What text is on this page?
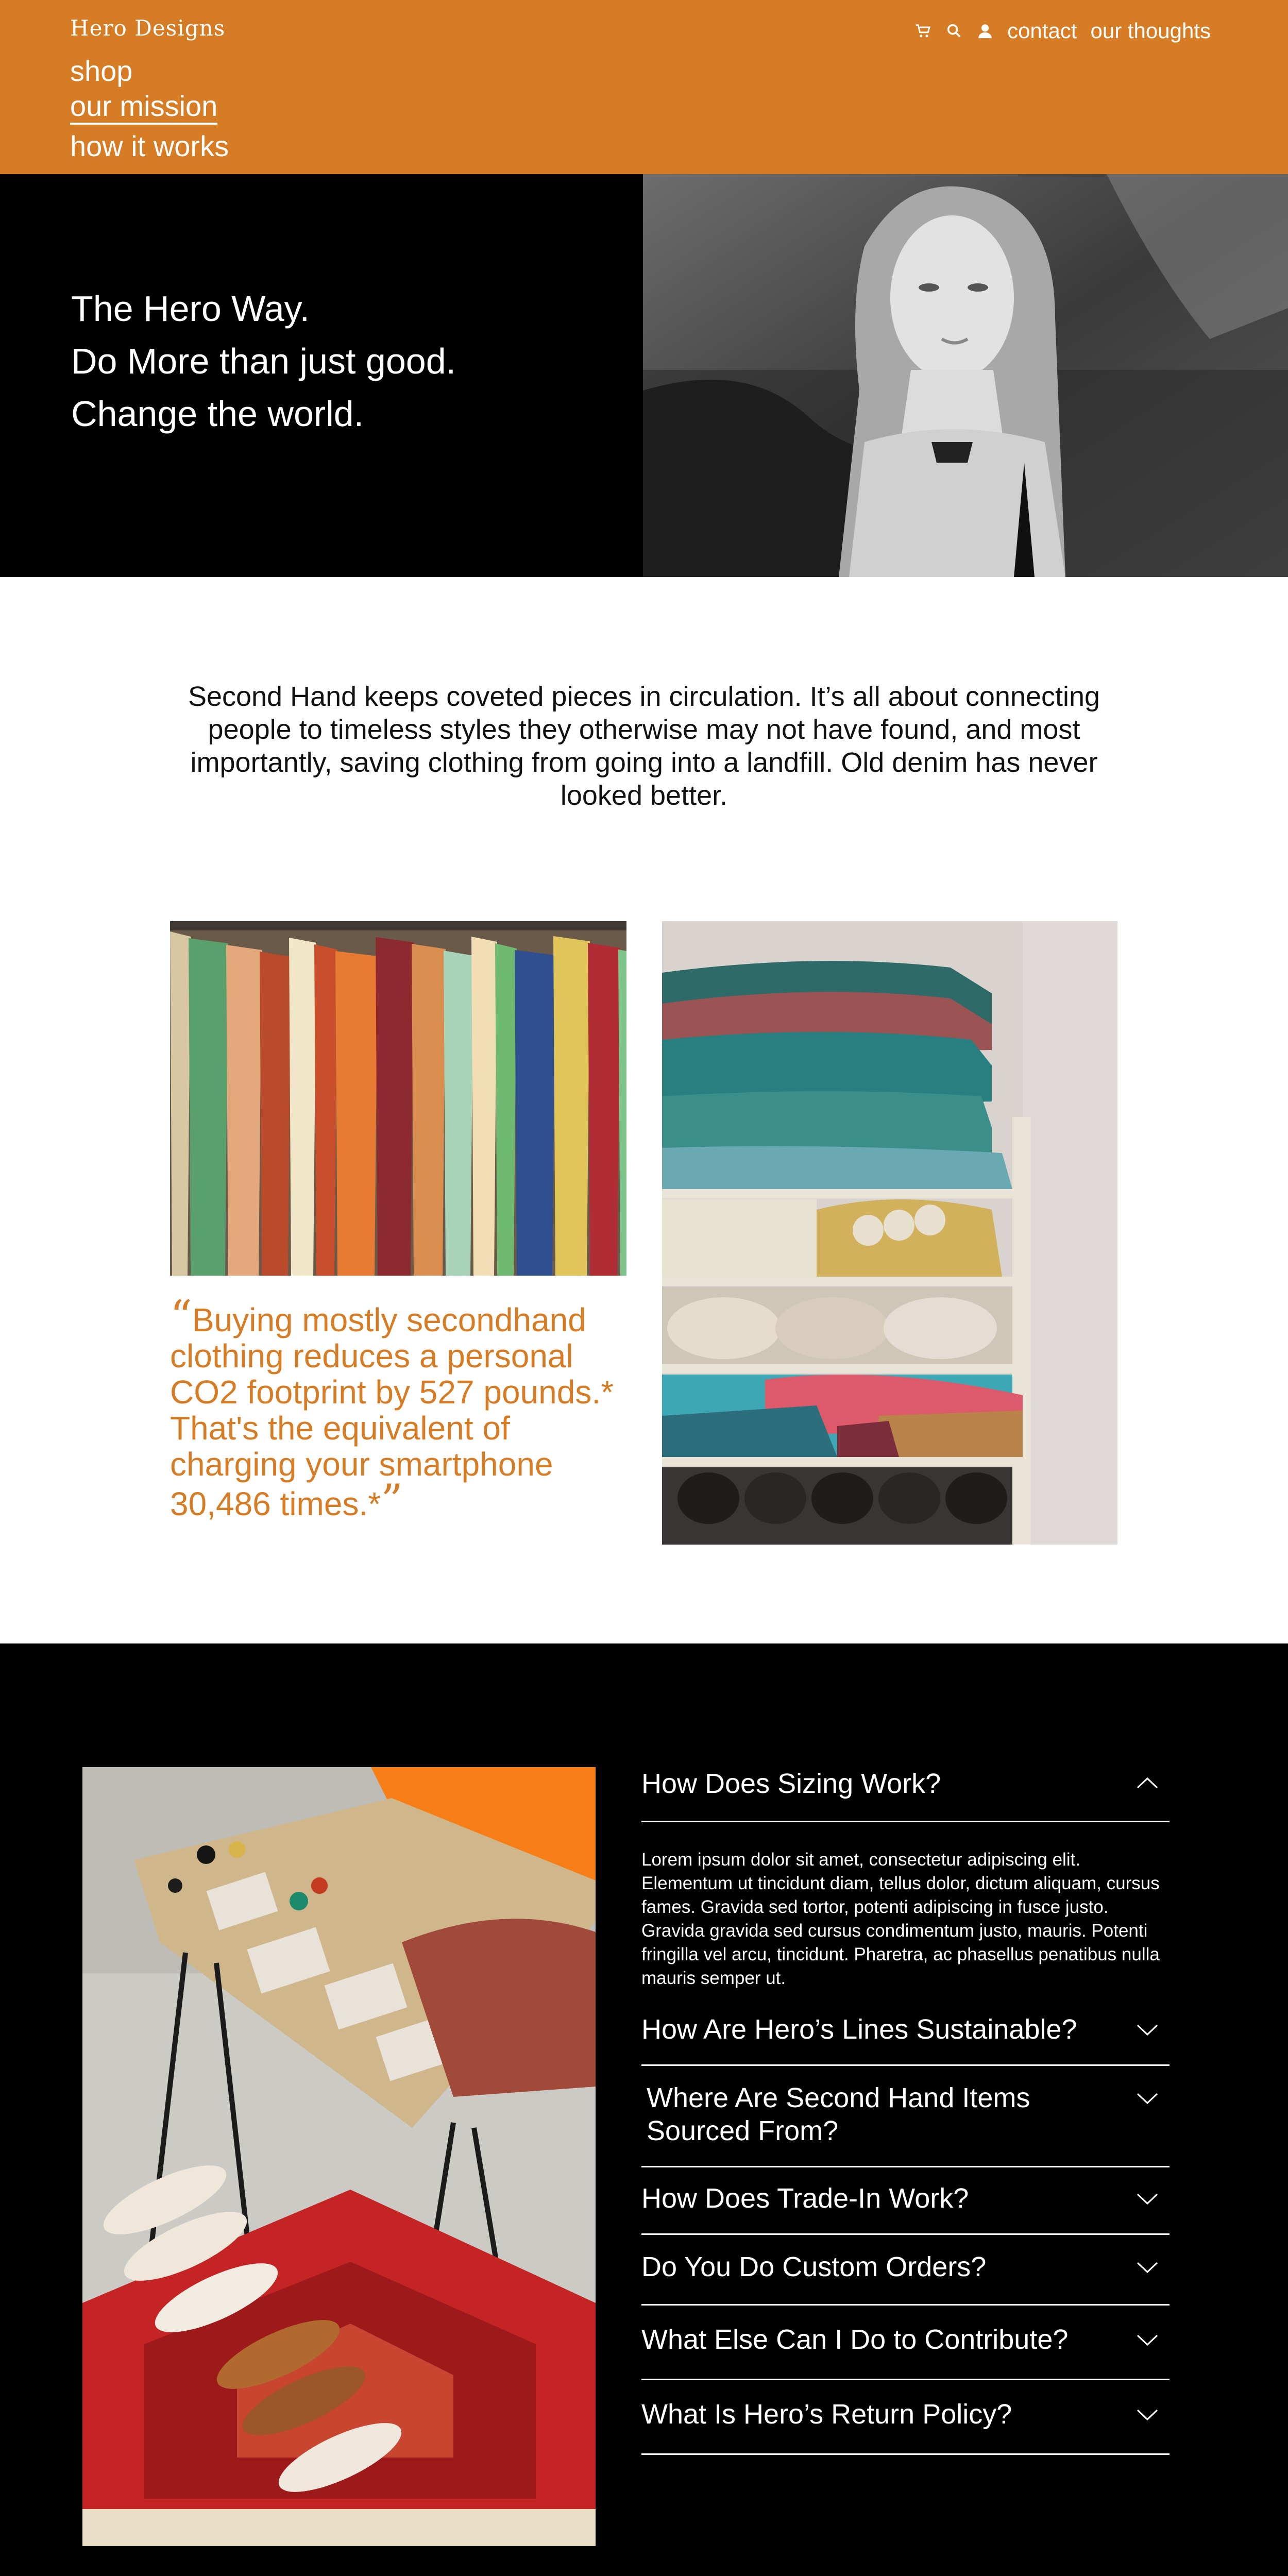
Hero Designs
shop
our mission
how it works
contact our thoughts
The Hero Way.
Do More than just good.
Change the world.
Second Hand keeps coveted pieces in circulation. It’s all about connecting people to timeless styles they otherwise may not have found, and most importantly, saving clothing from going into a landfill. Old denim has never looked better.
“Buying mostly secondhand clothing reduces a personal CO2 footprint by 527 pounds.* That's the equivalent of charging your smartphone 30,486 times.*”
How Does Sizing Work?
Lorem ipsum dolor sit amet, consectetur adipiscing elit. Elementum ut tincidunt diam, tellus dolor, dictum aliquam, cursus fames. Gravida sed tortor, potenti adipiscing in fusce justo. Gravida gravida sed cursus condimentum justo, mauris. Potenti fringilla vel arcu, tincidunt. Pharetra, ac phasellus penatibus nulla mauris semper ut.
How Are Hero’s Lines Sustainable?
Where Are Second Hand Items Sourced From?
How Does Trade-In Work?
Do You Do Custom Orders?
What Else Can I Do to Contribute?
What Is Hero’s Return Policy?
